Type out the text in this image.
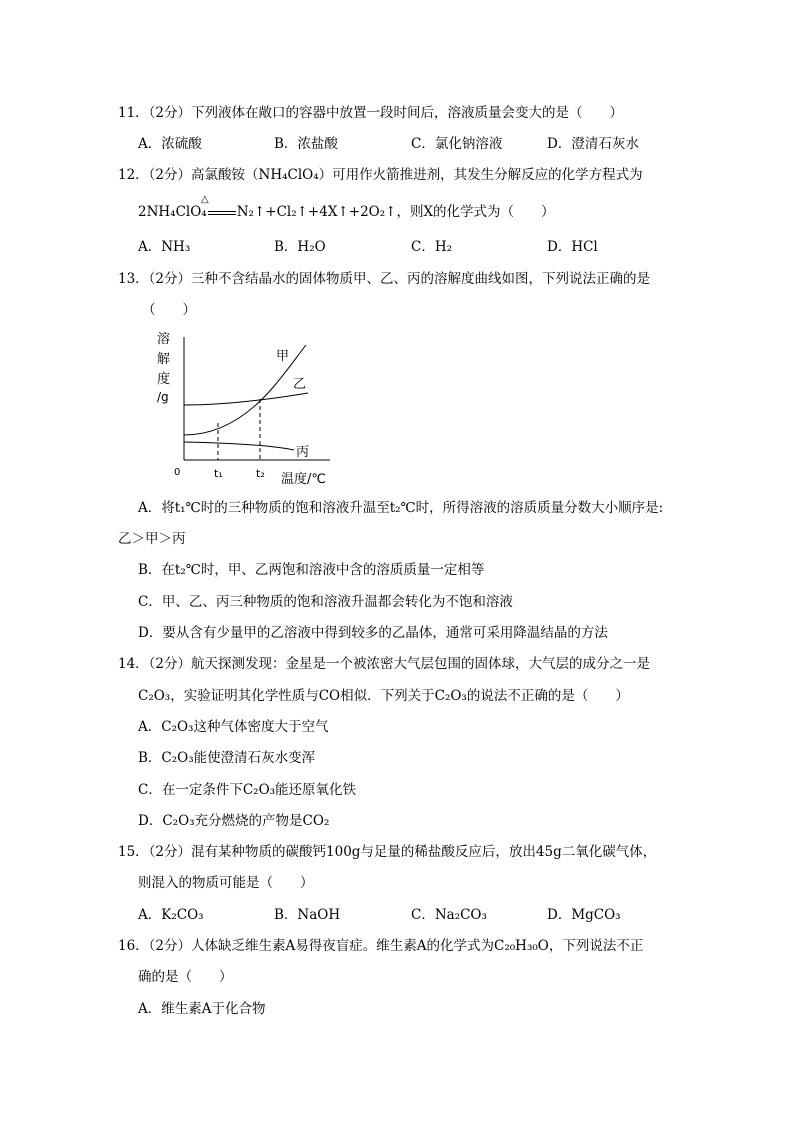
11．（2分）下列液体在敞口的容器中放置一段时间后，溶液质量会变大的是（　　）
A．浓硫酸	B．浓盐酸	C．氯化钠溶液	D．澄清石灰水
12．（2分）高氯酸铵（NH₄ClO₄）可用作火箭推进剂，其发生分解反应的化学方程式为
2NH₄ClO₄ N₂↑+Cl₂↑+4X↑+2O₂↑，则X的化学式为（　　）
△
A．NH₃	B．H₂O	C．H₂	D．HCl
13．（2分）三种不含结晶水的固体物质甲、乙、丙的溶解度曲线如图，下列说法正确的是
（　　）
溶
解
度
/g
0	t₁	t₂ 温度/℃
甲
乙
丙
A．将t₁℃时的三种物质的饱和溶液升温至t₂℃时，所得溶液的溶质质量分数大小顺序是:
乙＞甲＞丙
B．在t₂℃时，甲、乙两饱和溶液中含的溶质质量一定相等
C．甲、乙、丙三种物质的饱和溶液升温都会转化为不饱和溶液
D．要从含有少量甲的乙溶液中得到较多的乙晶体，通常可采用降温结晶的方法
14．（2分）航天探测发现：金星是一个被浓密大气层包围的固体球，大气层的成分之一是
C₂O₃，实验证明其化学性质与CO相似．下列关于C₂O₃的说法不正确的是（　　）
A．C₂O₃这种气体密度大于空气
B．C₂O₃能使澄清石灰水变浑
C．在一定条件下C₂O₃能还原氧化铁
D．C₂O₃充分燃烧的产物是CO₂
15．（2分）混有某种物质的碳酸钙100g与足量的稀盐酸反应后，放出45g二氧化碳气体，
则混入的物质可能是（　　）
A．K₂CO₃	B．NaOH	C．Na₂CO₃	D．MgCO₃
16．（2分）人体缺乏维生素A易得夜盲症。维生素A的化学式为C₂₀H₃₀O，下列说法不正
确的是（　　）
A．维生素A于化合物
